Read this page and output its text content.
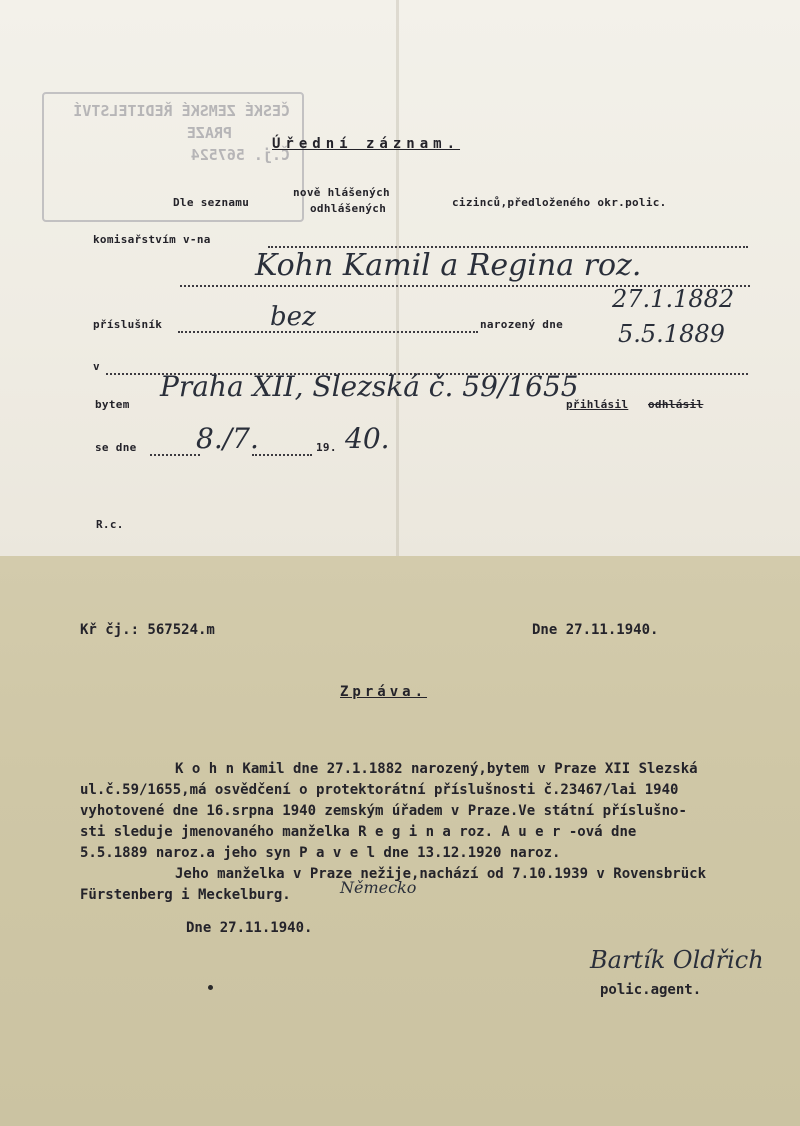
ČESKÉ ZEMSKÉ ŘEDITELSTVÍ
PRAZE
Č.j. 567524
Úřední záznam.
Dle seznamu
nově hlášených
odhlášených	cizinců,předloženého okr.polic.
komisařstvím v-na
Kohn Kamil a Regina roz.
příslušník	bez	narozený dne
27.1.1882
5.5.1889
v
bytem
Praha XII, Slezská č. 59/1655
přihlásil odhlásil
se dne 8./7.	19. 40.
R.c.
Kř čj.: 567524.m	Dne 27.11.1940.
Zpráva.
K o h n Kamil dne 27.1.1882 narozený,bytem v Praze XII Slezská
ul.č.59/1655,má osvědčení o protektorátní příslušnosti č.23467/lai 1940
vyhotovené dne 16.srpna 1940 zemským úřadem v Praze.Ve státní příslušno-
sti sleduje jmenovaného manželka R e g i n a roz. A u e r -ová dne
5.5.1889 naroz.a jeho syn P a v e l dne 13.12.1920 naroz.
Jeho manželka v Praze nežije,nachází od 7.10.1939 v Rovensbrück
Fürstenberg i Meckelburg.	Německo
Dne 27.11.1940.
Bartík Oldřich
polic.agent.
